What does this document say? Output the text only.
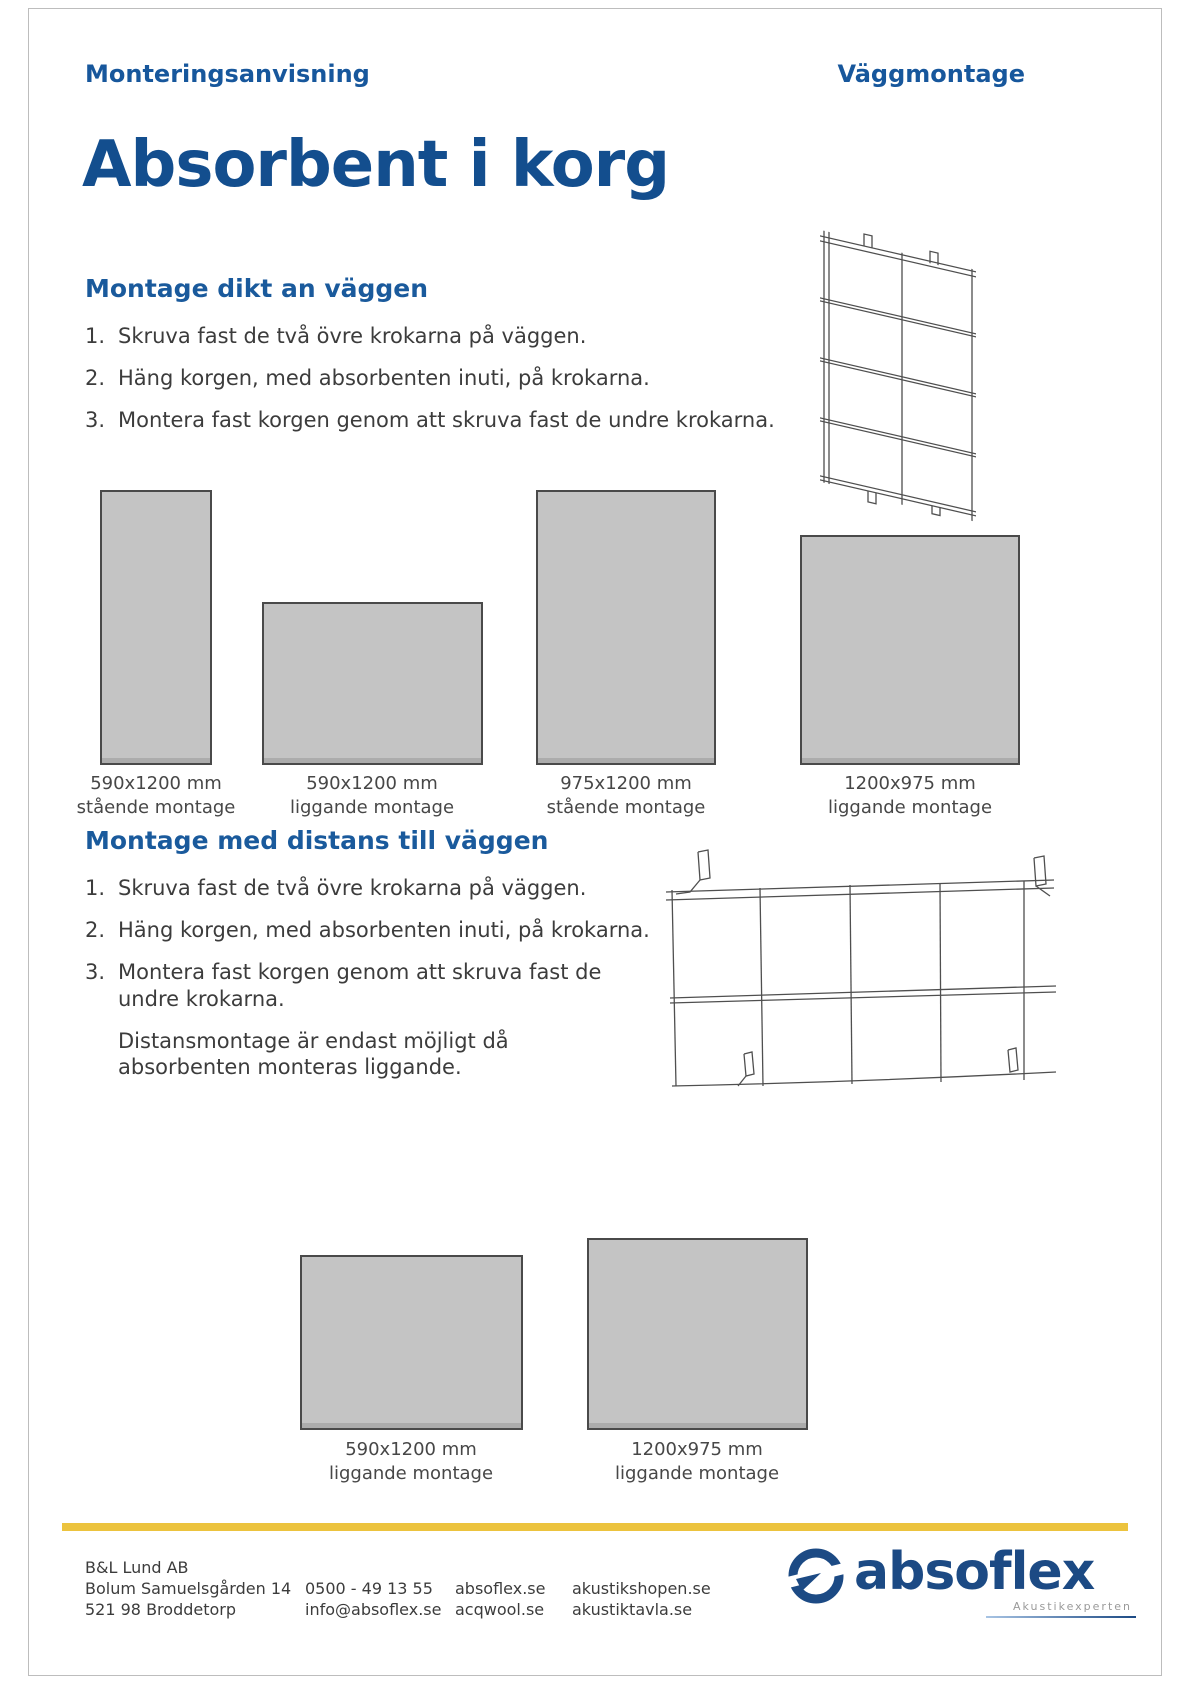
Monteringsanvisning	Väggmontage
Absorbent i korg
Montage dikt an väggen
1. Skruva fast de två övre krokarna på väggen.
2. Häng korgen, med absorbenten inuti, på krokarna.
3. Montera fast korgen genom att skruva fast de undre krokarna.
590x1200 mm
stående montage
590x1200 mm
liggande montage
975x1200 mm
stående montage
1200x975 mm
liggande montage
Montage med distans till väggen
1. Skruva fast de två övre krokarna på väggen.
2. Häng korgen, med absorbenten inuti, på krokarna.
3. Montera fast korgen genom att skruva fast de undre krokarna.
Distansmontage är endast möjligt då absorbenten monteras liggande.
590x1200 mm
liggande montage
1200x975 mm
liggande montage
B&L Lund AB
Bolum Samuelsgården 14
521 98 Broddetorp
0500 - 49 13 55
info@absoflex.se
absoflex.se
acqwool.se
akustikshopen.se
akustiktavla.se
absoflex
Akustikexperten
